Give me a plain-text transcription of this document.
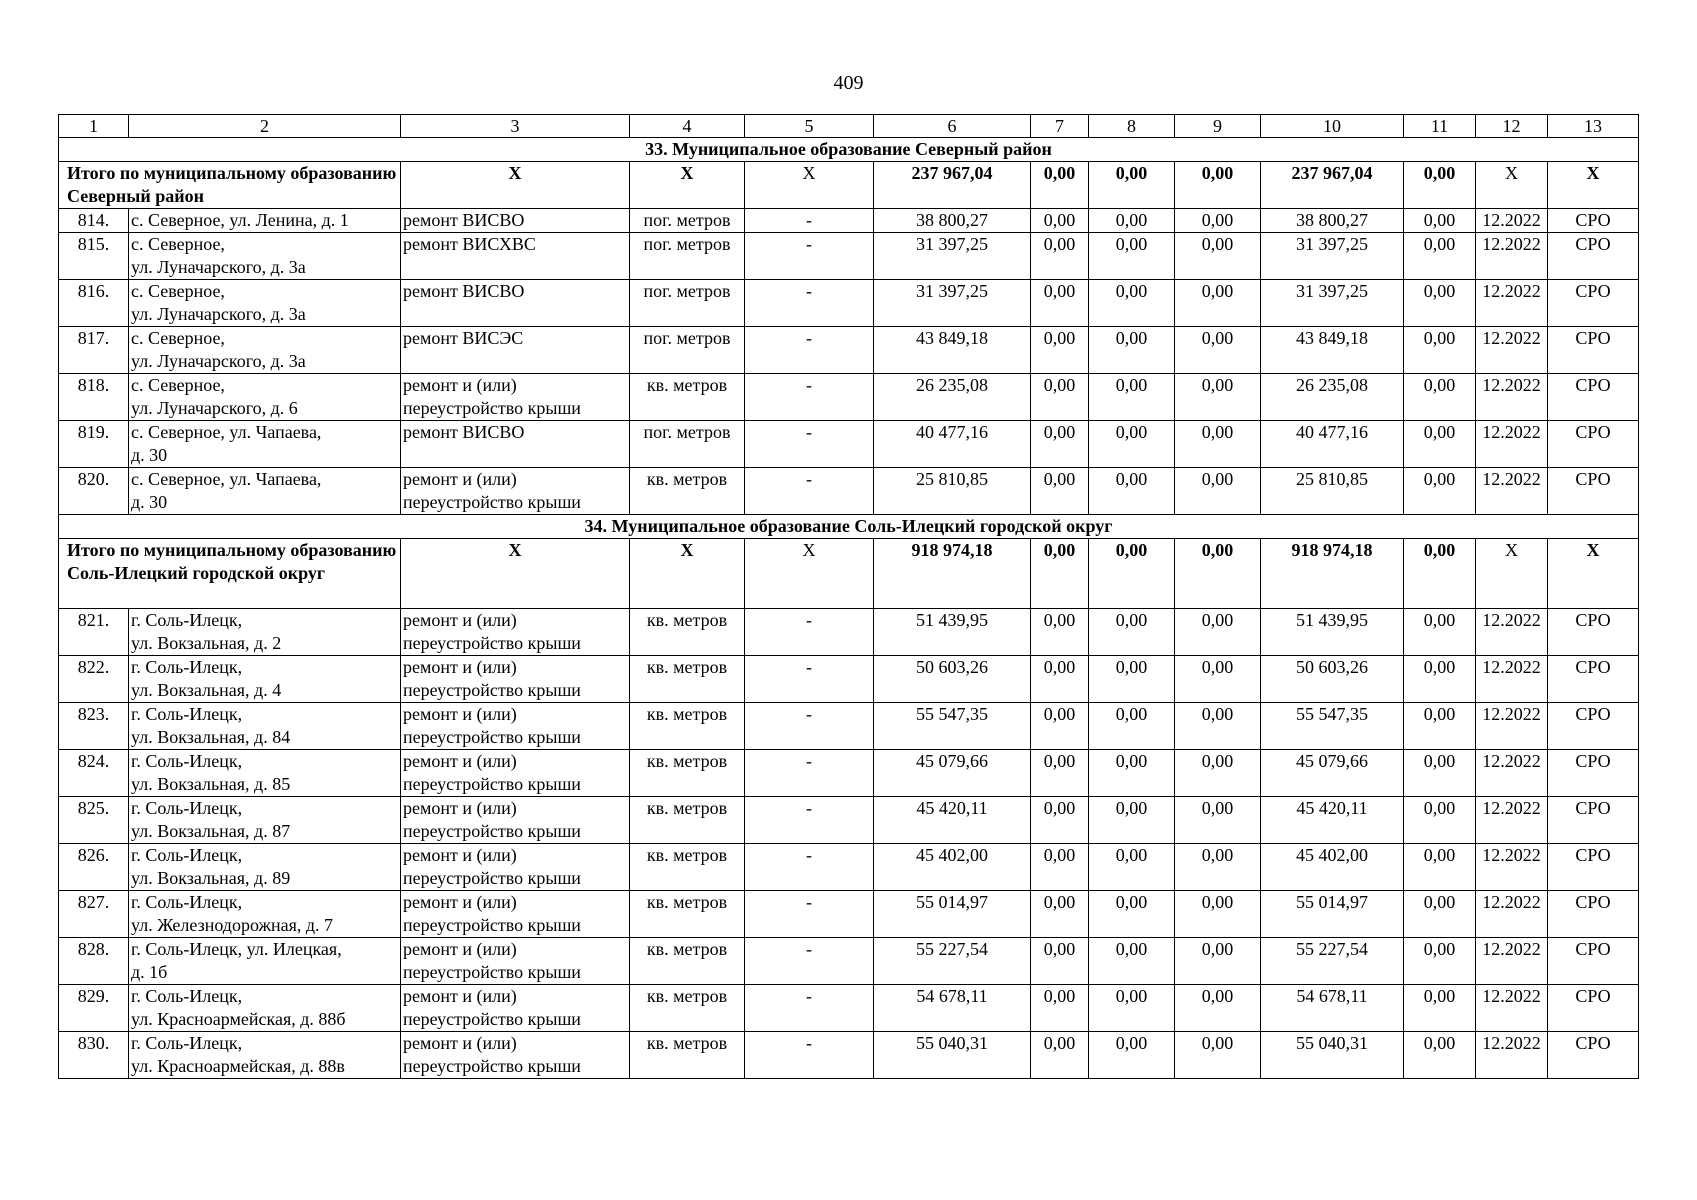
409
1	2	3	4	5	6	7	8	9	10	11	12	13
33. Муниципальное образование Северный район												
Итого по муниципальному образованию Северный район		Х	Х	Х	237 967,04	0,00	0,00	0,00	237 967,04	0,00	Х	Х
814.	с. Северное, ул. Ленина, д. 1	ремонт ВИСВО	пог. метров	-	38 800,27	0,00	0,00	0,00	38 800,27	0,00	12.2022	СРО
815.	с. Северное,
ул. Луначарского, д. 3а	ремонт ВИСХВС	пог. метров	-	31 397,25	0,00	0,00	0,00	31 397,25	0,00	12.2022	СРО
816.	с. Северное,
ул. Луначарского, д. 3а	ремонт ВИСВО	пог. метров	-	31 397,25	0,00	0,00	0,00	31 397,25	0,00	12.2022	СРО
817.	с. Северное,
ул. Луначарского, д. 3а	ремонт ВИСЭС	пог. метров	-	43 849,18	0,00	0,00	0,00	43 849,18	0,00	12.2022	СРО
818.	с. Северное,
ул. Луначарского, д. 6	ремонт и (или)
переустройство крыши	кв. метров	-	26 235,08	0,00	0,00	0,00	26 235,08	0,00	12.2022	СРО
819.	с. Северное, ул. Чапаева,
д. 30	ремонт ВИСВО	пог. метров	-	40 477,16	0,00	0,00	0,00	40 477,16	0,00	12.2022	СРО
820.	с. Северное, ул. Чапаева,
д. 30	ремонт и (или)
переустройство крыши	кв. метров	-	25 810,85	0,00	0,00	0,00	25 810,85	0,00	12.2022	СРО
34. Муниципальное образование Соль-Илецкий городской округ												
Итого по муниципальному образованию Соль-Илецкий городской округ		Х	Х	Х	918 974,18	0,00	0,00	0,00	918 974,18	0,00	Х	Х
821.	г. Соль-Илецк,
ул. Вокзальная, д. 2	ремонт и (или)
переустройство крыши	кв. метров	-	51 439,95	0,00	0,00	0,00	51 439,95	0,00	12.2022	СРО
822.	г. Соль-Илецк,
ул. Вокзальная, д. 4	ремонт и (или)
переустройство крыши	кв. метров	-	50 603,26	0,00	0,00	0,00	50 603,26	0,00	12.2022	СРО
823.	г. Соль-Илецк,
ул. Вокзальная, д. 84	ремонт и (или)
переустройство крыши	кв. метров	-	55 547,35	0,00	0,00	0,00	55 547,35	0,00	12.2022	СРО
824.	г. Соль-Илецк,
ул. Вокзальная, д. 85	ремонт и (или)
переустройство крыши	кв. метров	-	45 079,66	0,00	0,00	0,00	45 079,66	0,00	12.2022	СРО
825.	г. Соль-Илецк,
ул. Вокзальная, д. 87	ремонт и (или)
переустройство крыши	кв. метров	-	45 420,11	0,00	0,00	0,00	45 420,11	0,00	12.2022	СРО
826.	г. Соль-Илецк,
ул. Вокзальная, д. 89	ремонт и (или)
переустройство крыши	кв. метров	-	45 402,00	0,00	0,00	0,00	45 402,00	0,00	12.2022	СРО
827.	г. Соль-Илецк,
ул. Железнодорожная, д. 7	ремонт и (или)
переустройство крыши	кв. метров	-	55 014,97	0,00	0,00	0,00	55 014,97	0,00	12.2022	СРО
828.	г. Соль-Илецк, ул. Илецкая,
д. 1б	ремонт и (или)
переустройство крыши	кв. метров	-	55 227,54	0,00	0,00	0,00	55 227,54	0,00	12.2022	СРО
829.	г. Соль-Илецк,
ул. Красноармейская, д. 88б	ремонт и (или)
переустройство крыши	кв. метров	-	54 678,11	0,00	0,00	0,00	54 678,11	0,00	12.2022	СРО
830.	г. Соль-Илецк,
ул. Красноармейская, д. 88в	ремонт и (или)
переустройство крыши	кв. метров	-	55 040,31	0,00	0,00	0,00	55 040,31	0,00	12.2022	СРО
